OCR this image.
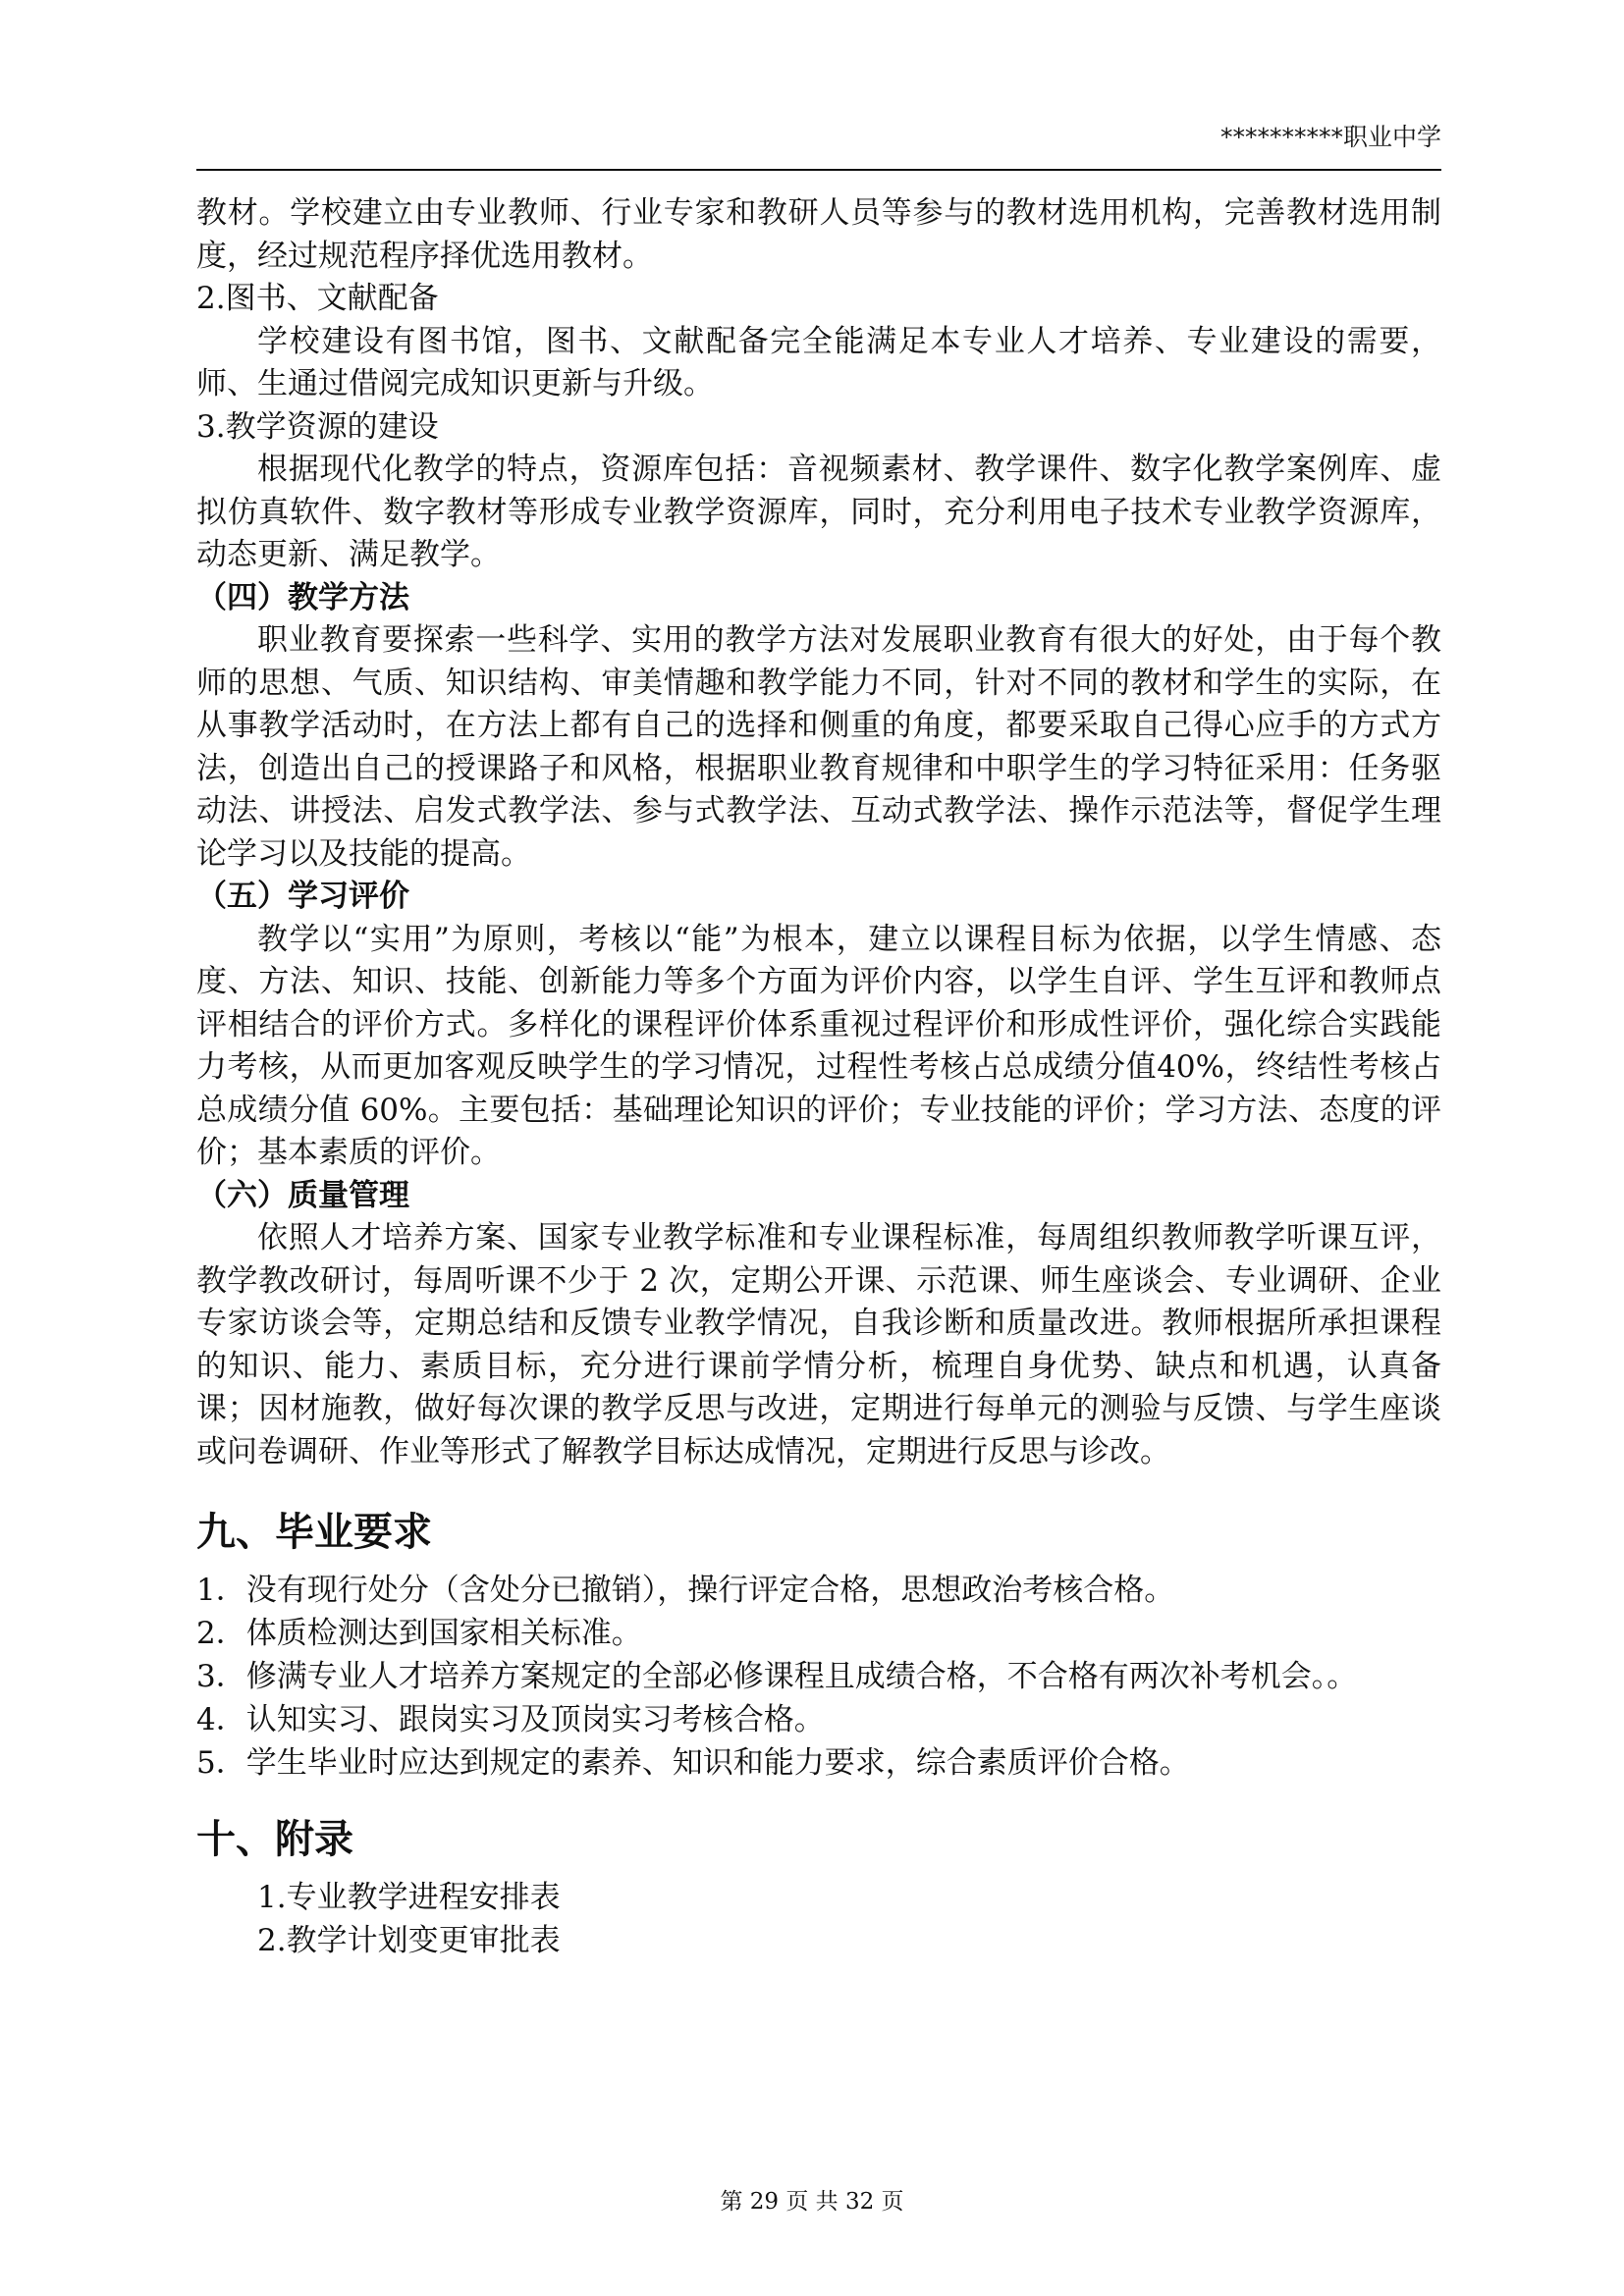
**********职业中学

教材。学校建立由专业教师、行业专家和教研人员等参与的教材选用机构，完善教材选用制度，经过规范程序择优选用教材。

2.图书、文献配备

学校建设有图书馆，图书、文献配备完全能满足本专业人才培养、专业建设的需要，师、生通过借阅完成知识更新与升级。

3.教学资源的建设

根据现代化教学的特点，资源库包括：音视频素材、教学课件、数字化教学案例库、虚拟仿真软件、数字教材等形成专业教学资源库，同时，充分利用电子技术专业教学资源库，动态更新、满足教学。

（四）教学方法

职业教育要探索一些科学、实用的教学方法对发展职业教育有很大的好处，由于每个教师的思想、气质、知识结构、审美情趣和教学能力不同，针对不同的教材和学生的实际，在从事教学活动时，在方法上都有自己的选择和侧重的角度，都要采取自己得心应手的方式方法，创造出自己的授课路子和风格，根据职业教育规律和中职学生的学习特征采用：任务驱动法、讲授法、启发式教学法、参与式教学法、互动式教学法、操作示范法等，督促学生理论学习以及技能的提高。

（五）学习评价

教学以“实用”为原则，考核以“能”为根本，建立以课程目标为依据，以学生情感、态度、方法、知识、技能、创新能力等多个方面为评价内容，以学生自评、学生互评和教师点评相结合的评价方式。多样化的课程评价体系重视过程评价和形成性评价，强化综合实践能力考核，从而更加客观反映学生的学习情况，过程性考核占总成绩分值40%，终结性考核占总成绩分值 60%。主要包括：基础理论知识的评价；专业技能的评价；学习方法、态度的评价；基本素质的评价。

（六）质量管理

依照人才培养方案、国家专业教学标准和专业课程标准，每周组织教师教学听课互评，教学教改研讨，每周听课不少于 2 次，定期公开课、示范课、师生座谈会、专业调研、企业专家访谈会等，定期总结和反馈专业教学情况，自我诊断和质量改进。教师根据所承担课程的知识、能力、素质目标，充分进行课前学情分析，梳理自身优势、缺点和机遇，认真备课；因材施教，做好每次课的教学反思与改进，定期进行每单元的测验与反馈、与学生座谈或问卷调研、作业等形式了解教学目标达成情况，定期进行反思与诊改。

九、毕业要求

1．没有现行处分（含处分已撤销），操行评定合格，思想政治考核合格。

2．体质检测达到国家相关标准。

3．修满专业人才培养方案规定的全部必修课程且成绩合格，不合格有两次补考机会。。

4．认知实习、跟岗实习及顶岗实习考核合格。

5．学生毕业时应达到规定的素养、知识和能力要求，综合素质评价合格。

十、附录

1.专业教学进程安排表

2.教学计划变更审批表

第 29 页 共 32 页
